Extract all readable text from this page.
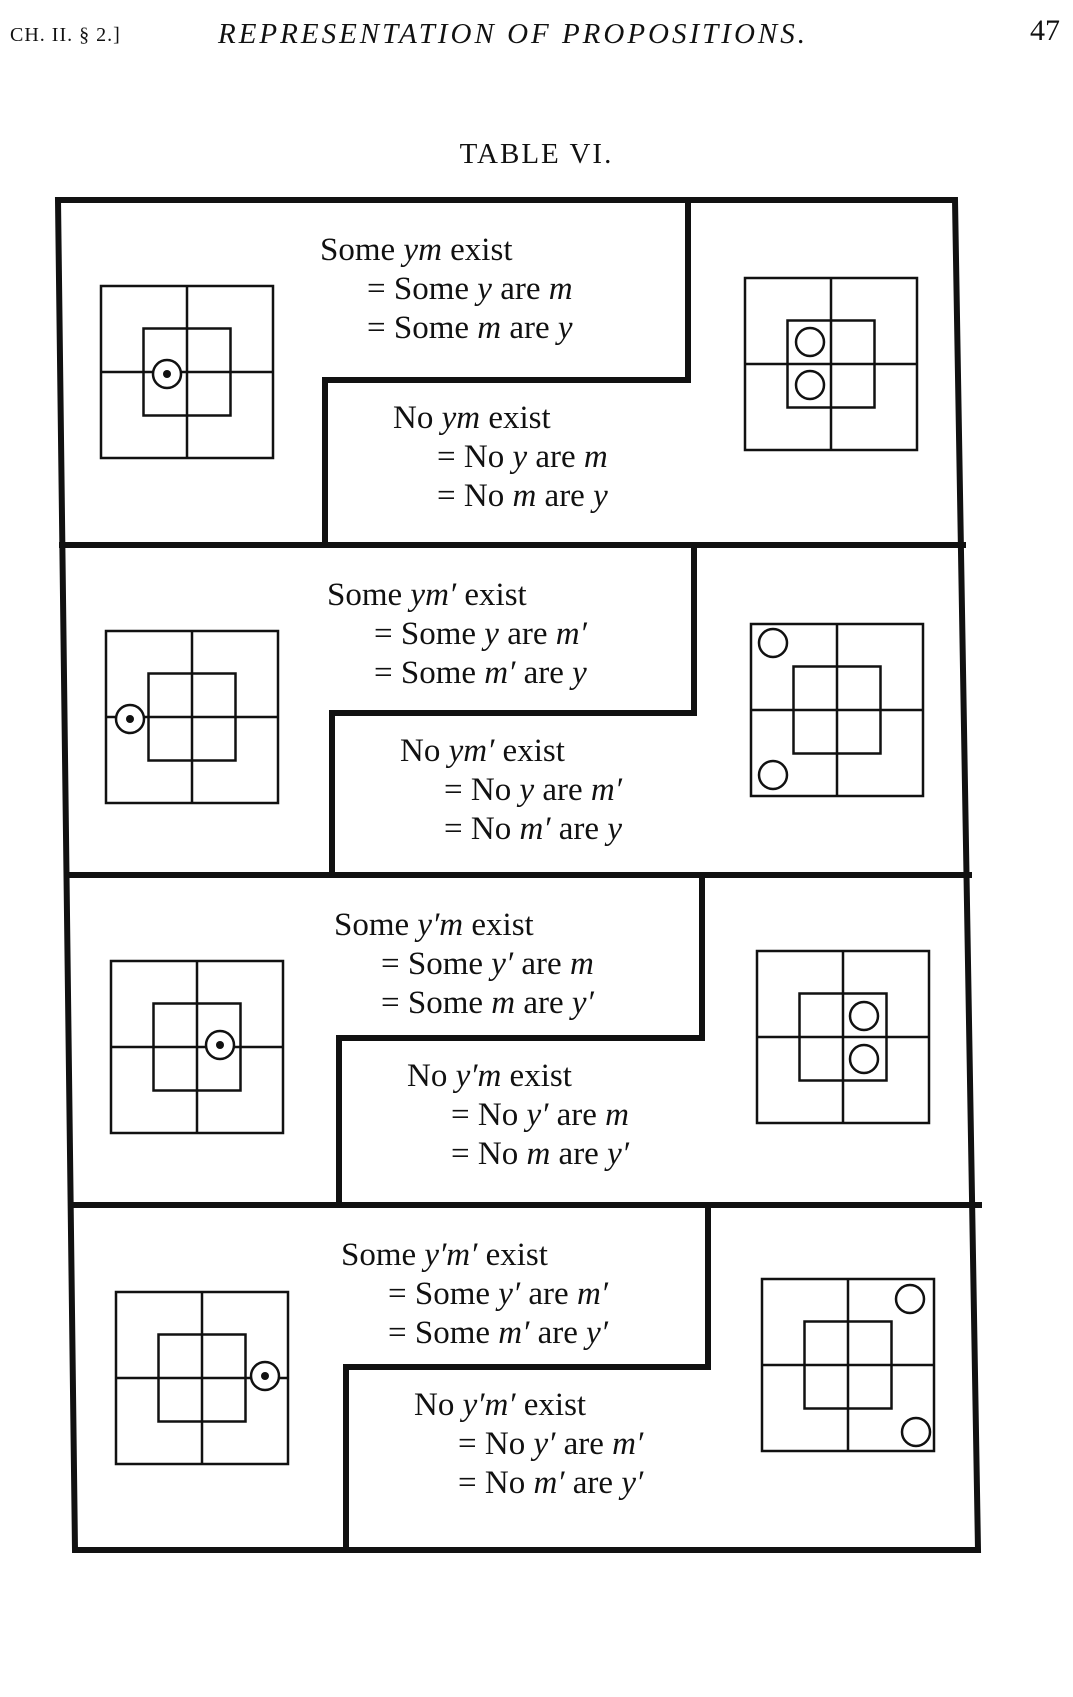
CH. II. § 2.]	REPRESENTATION OF PROPOSITIONS.	47
TABLE VI.
Some ym exist
= Some y are m
= Some m are y
No ym exist
= No y are m
= No m are y
Some ym′ exist
= Some y are m′
= Some m′ are y
No ym′ exist
= No y are m′
= No m′ are y
Some y′m exist
= Some y′ are m
= Some m are y′
No y′m exist
= No y′ are m
= No m are y′
Some y′m′ exist
= Some y′ are m′
= Some m′ are y′
No y′m′ exist
= No y′ are m′
= No m′ are y′
